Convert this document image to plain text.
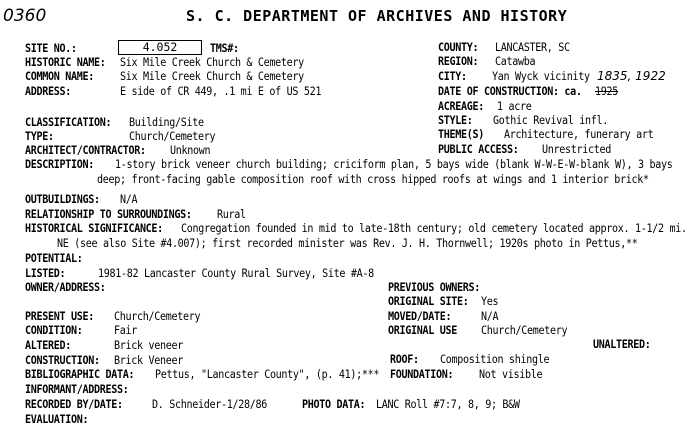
0360	S. C. DEPARTMENT OF ARCHIVES AND HISTORY
SITE NO.:	4.052	TMS#:
HISTORIC NAME: Six Mile Creek Church & Cemetery
COMMON NAME: Six Mile Creek Church & Cemetery
ADDRESS:	E side of CR 449, .1 mi E of US 521
CLASSIFICATION: Building/Site
TYPE:	Church/Cemetery
ARCHITECT/CONTRACTOR: Unknown
COUNTY: LANCASTER, SC
REGION: Catawba
CITY: Yan Wyck vicinity 1835, 1922
DATE OF CONSTRUCTION: ca. 1925
ACREAGE: 1 acre
STYLE: Gothic Revival infl.
THEME(S) Architecture, funerary art
PUBLIC ACCESS: Unrestricted
DESCRIPTION: 1-story brick veneer church building; criciform plan, 5 bays wide (blank W-W-E-W-blank W), 3 bays
deep; front-facing gable composition roof with cross hipped roofs at wings and 1 interior brick*
OUTBUILDINGS: N/A
RELATIONSHIP TO SURROUNDINGS: Rural
HISTORICAL SIGNIFICANCE: Congregation founded in mid to late-18th century; old cemetery located approx. 1-1/2 mi.
NE (see also Site #4.007); first recorded minister was Rev. J. H. Thornwell; 1920s photo in Pettus,**
POTENTIAL:
LISTED:	1981-82 Lancaster County Rural Survey, Site #A-8
OWNER/ADDRESS:	PREVIOUS OWNERS:
ORIGINAL SITE: Yes
MOVED/DATE:	N/A
ORIGINAL USE Church/Cemetery
UNALTERED:
PRESENT USE: Church/Cemetery
CONDITION:	Fair
ALTERED:	Brick veneer
CONSTRUCTION: Brick Veneer	ROOF: Composition shingle
BIBLIOGRAPHIC DATA: Pettus, "Lancaster County", (p. 41);*** FOUNDATION: Not visible
INFORMANT/ADDRESS:
RECORDED BY/DATE:	D. Schneider-1/28/86	PHOTO DATA: LANC Roll #7:7, 8, 9; B&W
EVALUATION:
